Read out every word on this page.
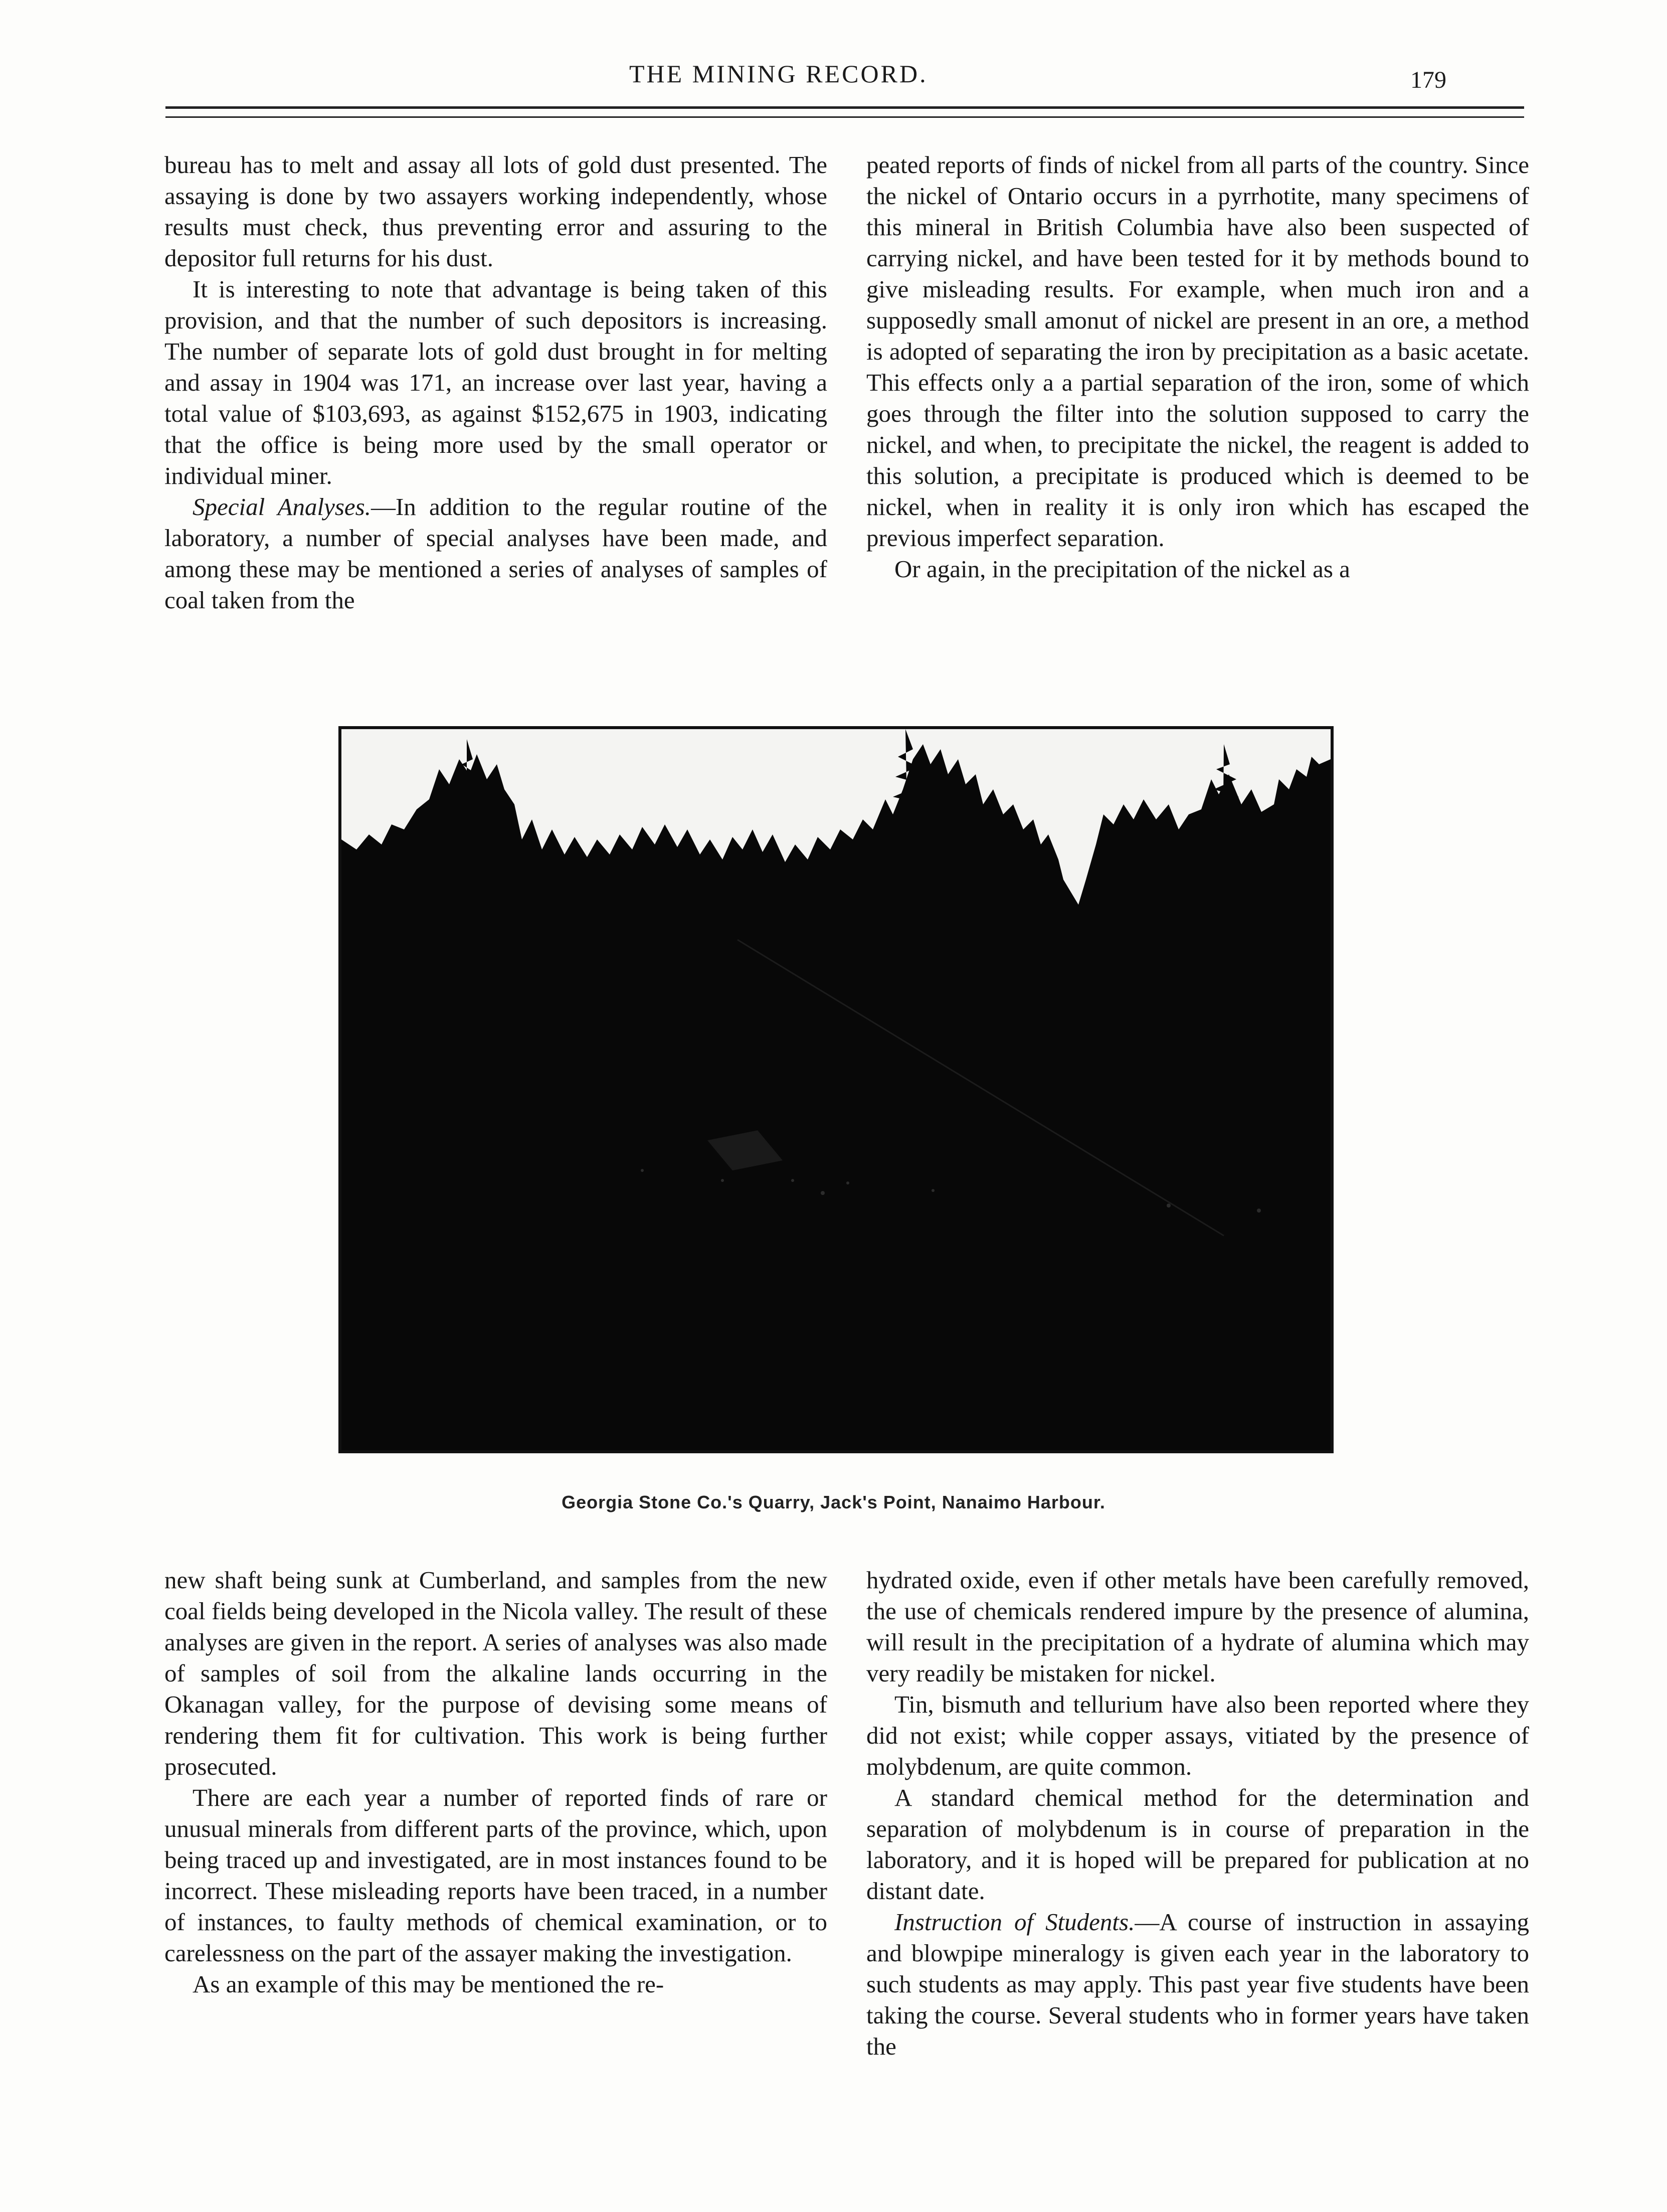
THE MINING RECORD.	179

bureau has to melt and assay all lots of gold dust presented. The assaying is done by two assayers working independently, whose results must check, thus preventing error and assuring to the depositor full returns for his dust.

It is interesting to note that advantage is being taken of this provision, and that the number of such depositors is increasing. The number of separate lots of gold dust brought in for melting and assay in 1904 was 171, an increase over last year, having a total value of $103,693, as against $152,675 in 1903, indicating that the office is being more used by the small operator or individual miner.

Special Analyses.—In addition to the regular routine of the laboratory, a number of special analyses have been made, and among these may be mentioned a series of analyses of samples of coal taken from the

peated reports of finds of nickel from all parts of the country. Since the nickel of Ontario occurs in a pyrrhotite, many specimens of this mineral in British Columbia have also been suspected of carrying nickel, and have been tested for it by methods bound to give misleading results. For example, when much iron and a supposedly small amonut of nickel are present in an ore, a method is adopted of separating the iron by precipitation as a basic acetate. This effects only a a partial separation of the iron, some of which goes through the filter into the solution supposed to carry the nickel, and when, to precipitate the nickel, the reagent is added to this solution, a precipitate is produced which is deemed to be nickel, when in reality it is only iron which has escaped the previous imperfect separation.

Or again, in the precipitation of the nickel as a

Georgia Stone Co.'s Quarry, Jack's Point, Nanaimo Harbour.

new shaft being sunk at Cumberland, and samples from the new coal fields being developed in the Nicola valley. The result of these analyses are given in the report. A series of analyses was also made of samples of soil from the alkaline lands occurring in the Okanagan valley, for the purpose of devising some means of rendering them fit for cultivation. This work is being further prosecuted.

There are each year a number of reported finds of rare or unusual minerals from different parts of the province, which, upon being traced up and investigated, are in most instances found to be incorrect. These misleading reports have been traced, in a number of instances, to faulty methods of chemical examination, or to carelessness on the part of the assayer making the investigation.

As an example of this may be mentioned the re-

hydrated oxide, even if other metals have been carefully removed, the use of chemicals rendered impure by the presence of alumina, will result in the precipitation of a hydrate of alumina which may very readily be mistaken for nickel.

Tin, bismuth and tellurium have also been reported where they did not exist; while copper assays, vitiated by the presence of molybdenum, are quite common.

A standard chemical method for the determination and separation of molybdenum is in course of preparation in the laboratory, and it is hoped will be prepared for publication at no distant date.

Instruction of Students.—A course of instruction in assaying and blowpipe mineralogy is given each year in the laboratory to such students as may apply. This past year five students have been taking the course. Several students who in former years have taken the
